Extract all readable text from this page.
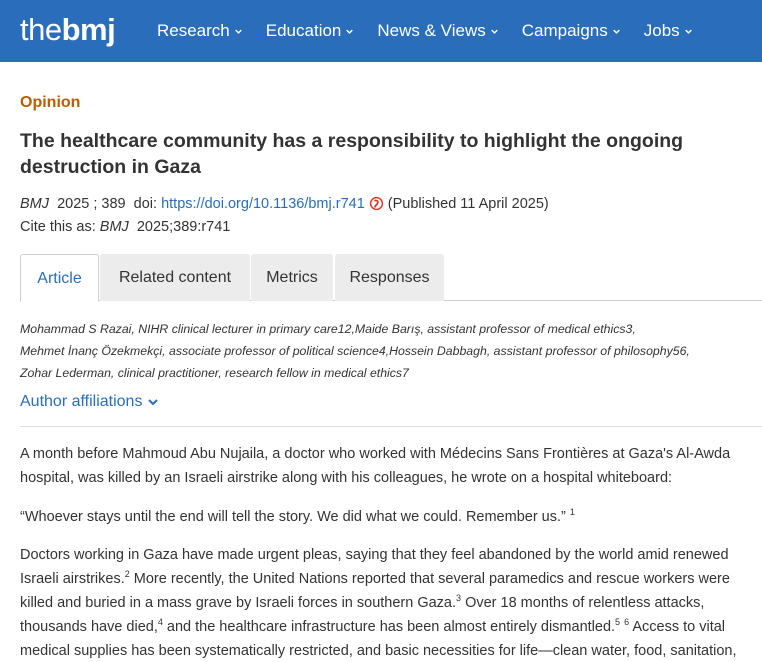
thebmj Research Education News & Views Campaigns Jobs
Opinion
The healthcare community has a responsibility to highlight the ongoing destruction in Gaza
BMJ 2025 ; 389 doi: https://doi.org/10.1136/bmj.r741 (Published 11 April 2025)
Cite this as: BMJ 2025;389:r741
Article	Related content	Metrics	Responses
Mohammad S Razai, NIHR clinical lecturer in primary care12,Maide Barış, assistant professor of medical ethics3,
Mehmet İnanç Özekmekçi, associate professor of political science4,Hossein Dabbagh, assistant professor of philosophy56,
Zohar Lederman, clinical practitioner, research fellow in medical ethics7
Author affiliations

A month before Mahmoud Abu Nujaila, a doctor who worked with Médecins Sans Frontières at Gaza's Al-Awda hospital, was killed by an Israeli airstrike along with his colleagues, he wrote on a hospital whiteboard:

“Whoever stays until the end will tell the story. We did what we could. Remember us.” $^1$

Doctors working in Gaza have made urgent pleas, saying that they feel abandoned by the world amid renewed Israeli airstrikes.$^2$ More recently, the United Nations reported that several paramedics and rescue workers were killed and buried in a mass grave by Israeli forces in southern Gaza.$^3$ Over 18 months of relentless attacks, thousands have died,$^4$ and the healthcare infrastructure has been almost entirely dismantled.$^5$ $^6$ Access to vital medical supplies has been systematically restricted, and basic necessities for life—clean water, food, sanitation,
